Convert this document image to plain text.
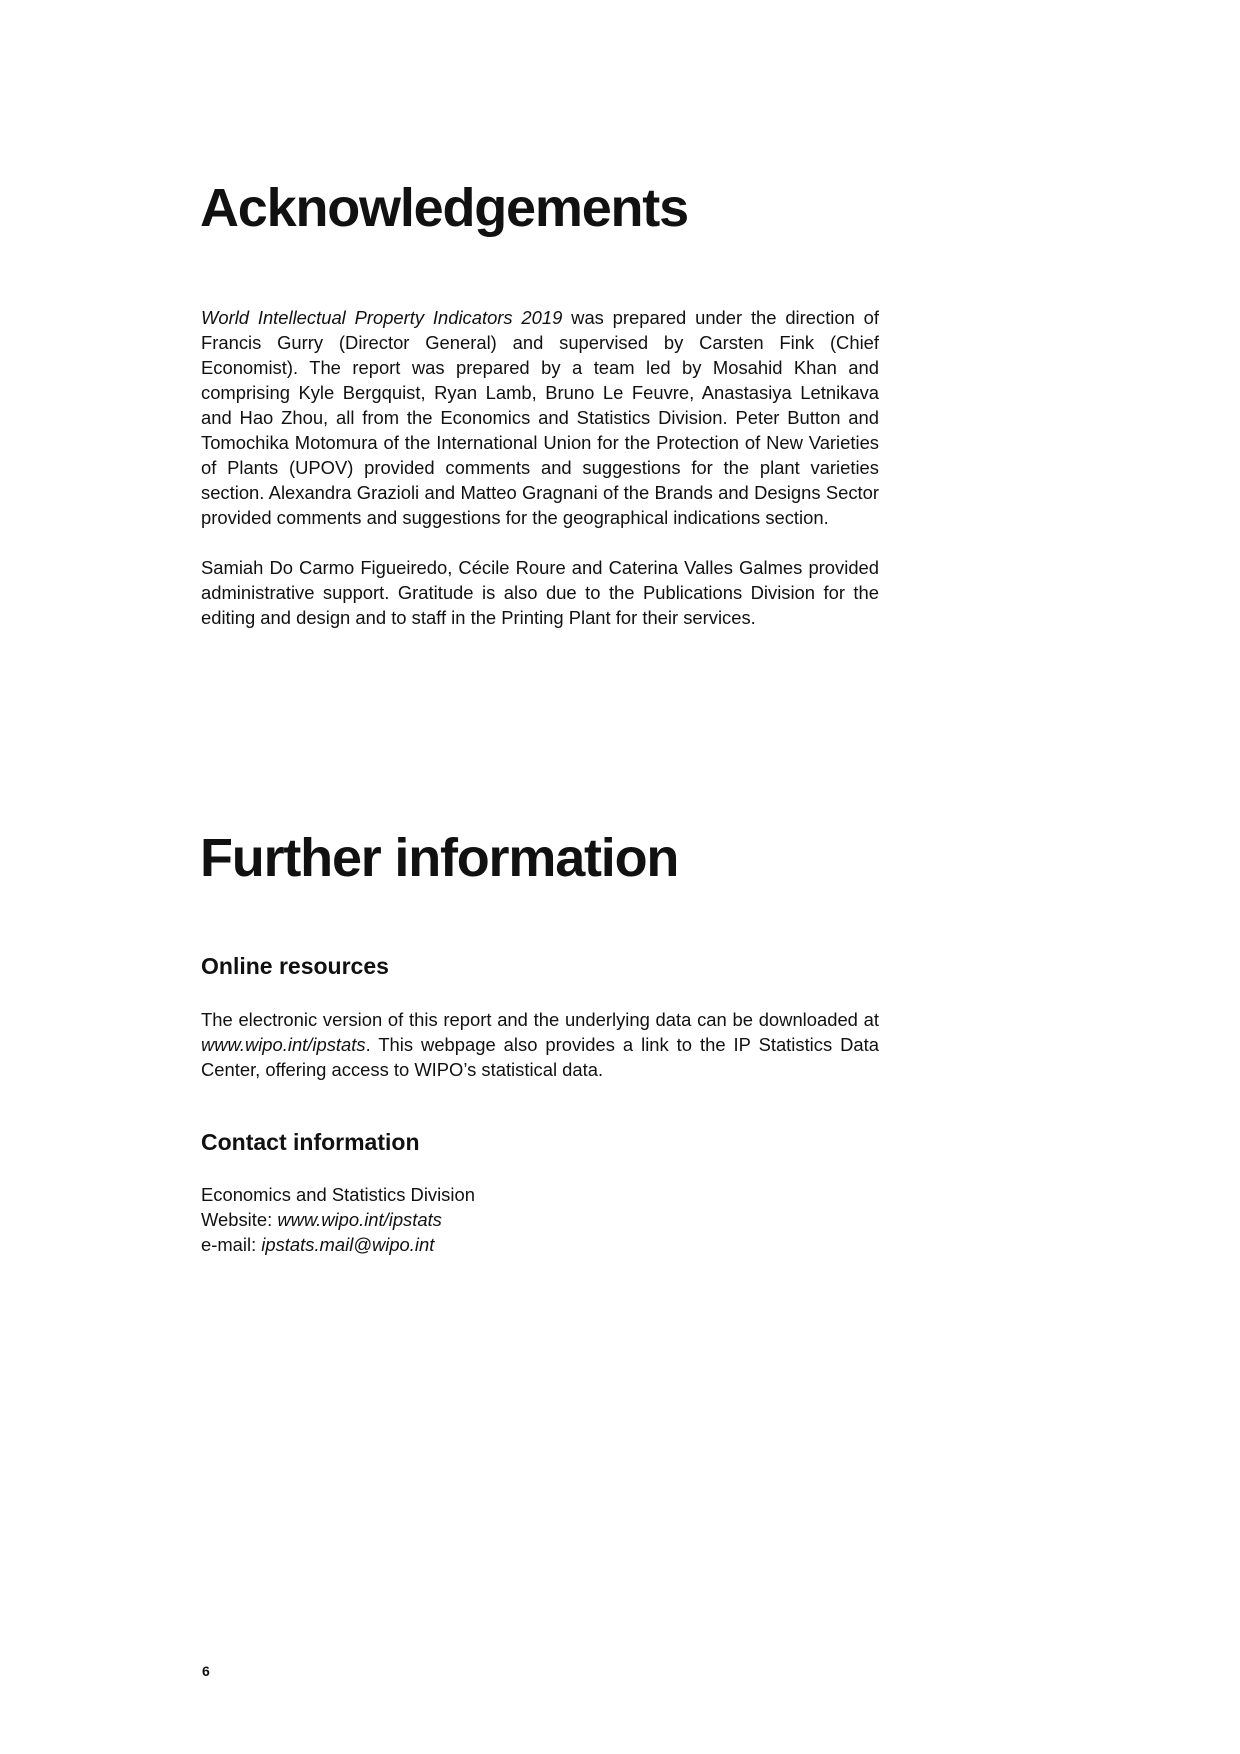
Acknowledgements

World Intellectual Property Indicators 2019 was prepared under the direction of Francis Gurry (Director General) and supervised by Carsten Fink (Chief Economist). The report was prepared by a team led by Mosahid Khan and comprising Kyle Bergquist, Ryan Lamb, Bruno Le Feuvre, Anastasiya Letnikava and Hao Zhou, all from the Economics and Statistics Division. Peter Button and Tomochika Motomura of the International Union for the Protection of New Varieties of Plants (UPOV) provided comments and suggestions for the plant varieties section. Alexandra Grazioli and Matteo Gragnani of the Brands and Designs Sector provided comments and suggestions for the geographical indications section.

Samiah Do Carmo Figueiredo, Cécile Roure and Caterina Valles Galmes provided administrative support. Gratitude is also due to the Publications Division for the editing and design and to staff in the Printing Plant for their services.

Further information
Online resources

The electronic version of this report and the underlying data can be downloaded at www.wipo.int/ipstats. This webpage also provides a link to the IP Statistics Data Center, offering access to WIPO’s statistical data.

Contact information
Economics and Statistics Division
Website: www.wipo.int/ipstats
e-mail: ipstats.mail@wipo.int
6
